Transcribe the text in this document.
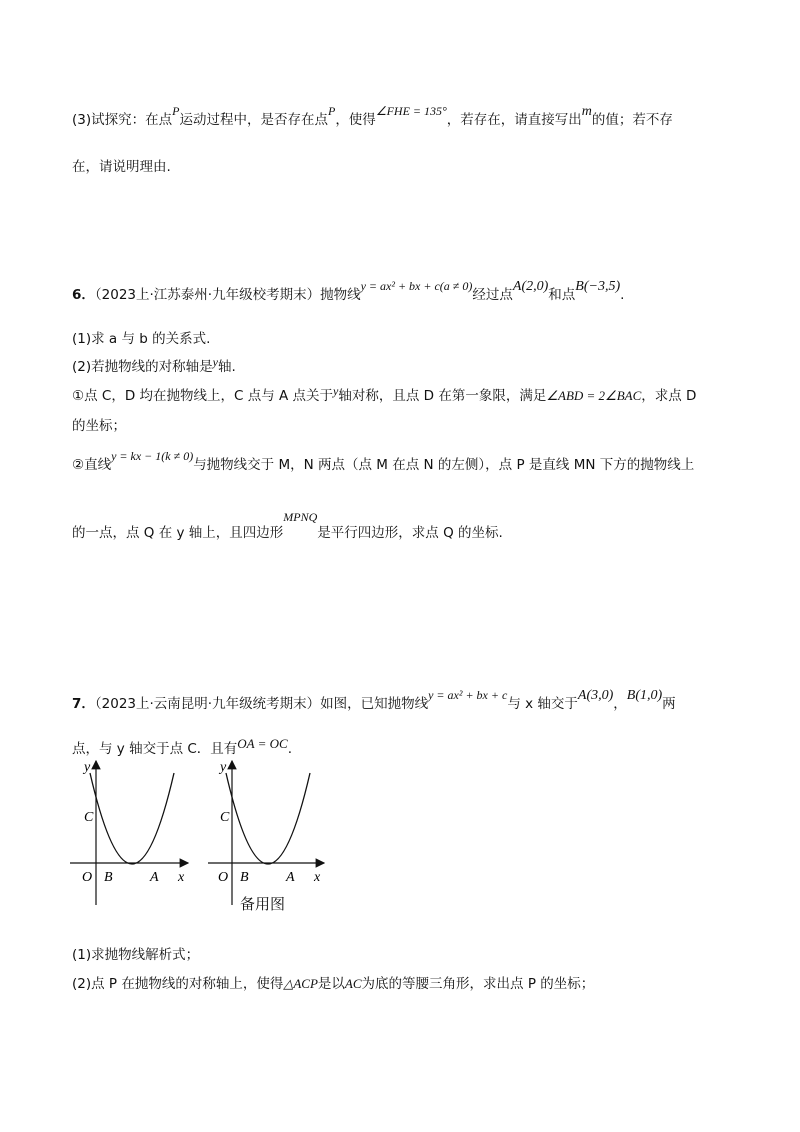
(3)试探究：在点P运动过程中，是否存在点P，使得∠FHE = 135°，若存在，请直接写出m的值；若不存
在，请说明理由.
6．（2023上·江苏泰州·九年级校考期末）抛物线y = ax² + bx + c(a ≠ 0)经过点A(2,0)和点B(−3,5).
(1)求 a 与 b 的关系式.
(2)若抛物线的对称轴是y轴.
①点 C，D 均在抛物线上，C 点与 A 点关于y轴对称，且点 D 在第一象限，满足∠ABD = 2∠BAC，求点 D
的坐标；
②直线y = kx − 1(k ≠ 0)与抛物线交于 M，N 两点（点 M 在点 N 的左侧），点 P 是直线 MN 下方的抛物线上
的一点，点 Q 在 y 轴上，且四边形MPNQ是平行四边形，求点 Q 的坐标.
7．（2023上·云南昆明·九年级统考期末）如图，已知抛物线y = ax² + bx + c与 x 轴交于A(3,0)，B(1,0)两
点，与 y 轴交于点 C．且有OA = OC.
y
x
O B	A
C
y
x
O B	A
C
备用图
(1)求抛物线解析式；
(2)点 P 在抛物线的对称轴上，使得△ACP是以AC为底的等腰三角形，求出点 P 的坐标；
